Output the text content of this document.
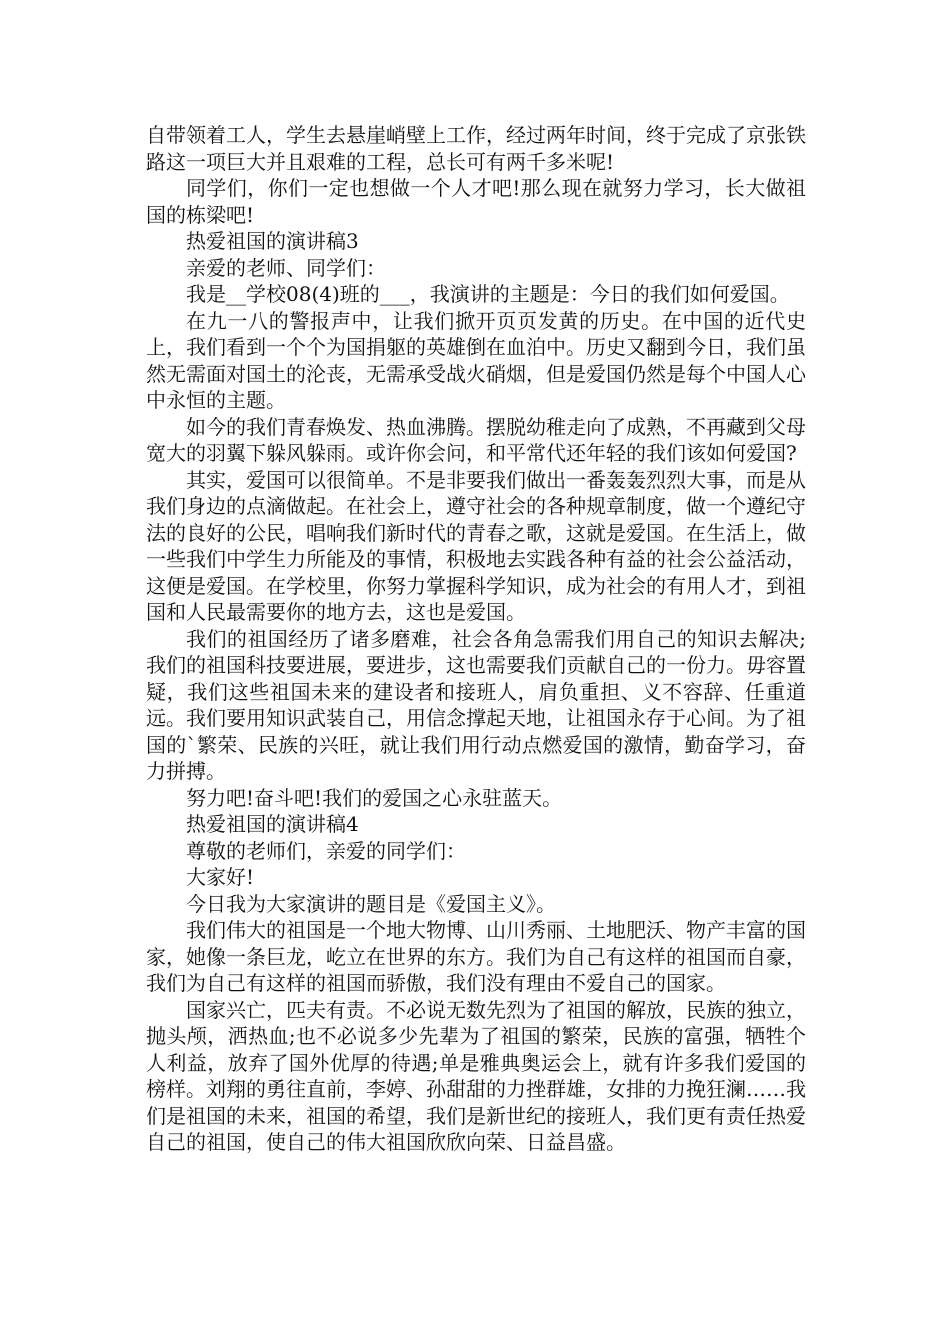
自带领着工人，学生去悬崖峭壁上工作，经过两年时间，终于完成了京张铁路这一项巨大并且艰难的工程，总长可有两千多米呢!

同学们，你们一定也想做一个人才吧!那么现在就努力学习，长大做祖国的栋梁吧!

热爱祖国的演讲稿3

亲爱的老师、同学们：

我是__学校08(4)班的___，我演讲的主题是：今日的我们如何爱国。

在九一八的警报声中，让我们掀开页页发黄的历史。在中国的近代史上，我们看到一个个为国捐躯的英雄倒在血泊中。历史又翻到今日，我们虽然无需面对国土的沦丧，无需承受战火硝烟，但是爱国仍然是每个中国人心中永恒的主题。

如今的我们青春焕发、热血沸腾。摆脱幼稚走向了成熟，不再藏到父母宽大的羽翼下躲风躲雨。或许你会问，和平常代还年轻的我们该如何爱国?

其实，爱国可以很简单。不是非要我们做出一番轰轰烈烈大事，而是从我们身边的点滴做起。在社会上，遵守社会的各种规章制度，做一个遵纪守法的良好的公民，唱响我们新时代的青春之歌，这就是爱国。在生活上，做一些我们中学生力所能及的事情，积极地去实践各种有益的社会公益活动，这便是爱国。在学校里，你努力掌握科学知识，成为社会的有用人才，到祖国和人民最需要你的地方去，这也是爱国。

我们的祖国经历了诸多磨难，社会各角急需我们用自己的知识去解决;我们的祖国科技要进展，要进步，这也需要我们贡献自己的一份力。毋容置疑，我们这些祖国未来的建设者和接班人，肩负重担、义不容辞、任重道远。我们要用知识武装自己，用信念撑起天地，让祖国永存于心间。为了祖国的`繁荣、民族的兴旺，就让我们用行动点燃爱国的激情，勤奋学习，奋力拼搏。

努力吧!奋斗吧!我们的爱国之心永驻蓝天。

热爱祖国的演讲稿4

尊敬的老师们，亲爱的同学们：

大家好!

今日我为大家演讲的题目是《爱国主义》。

我们伟大的祖国是一个地大物博、山川秀丽、土地肥沃、物产丰富的国家，她像一条巨龙，屹立在世界的东方。我们为自己有这样的祖国而自豪，我们为自己有这样的祖国而骄傲，我们没有理由不爱自己的国家。

国家兴亡，匹夫有责。不必说无数先烈为了祖国的解放，民族的独立，抛头颅，洒热血;也不必说多少先辈为了祖国的繁荣，民族的富强，牺牲个人利益，放弃了国外优厚的待遇;单是雅典奥运会上，就有许多我们爱国的榜样。刘翔的勇往直前，李婷、孙甜甜的力挫群雄，女排的力挽狂澜……我们是祖国的未来，祖国的希望，我们是新世纪的接班人，我们更有责任热爱自己的祖国，使自己的伟大祖国欣欣向荣、日益昌盛。
